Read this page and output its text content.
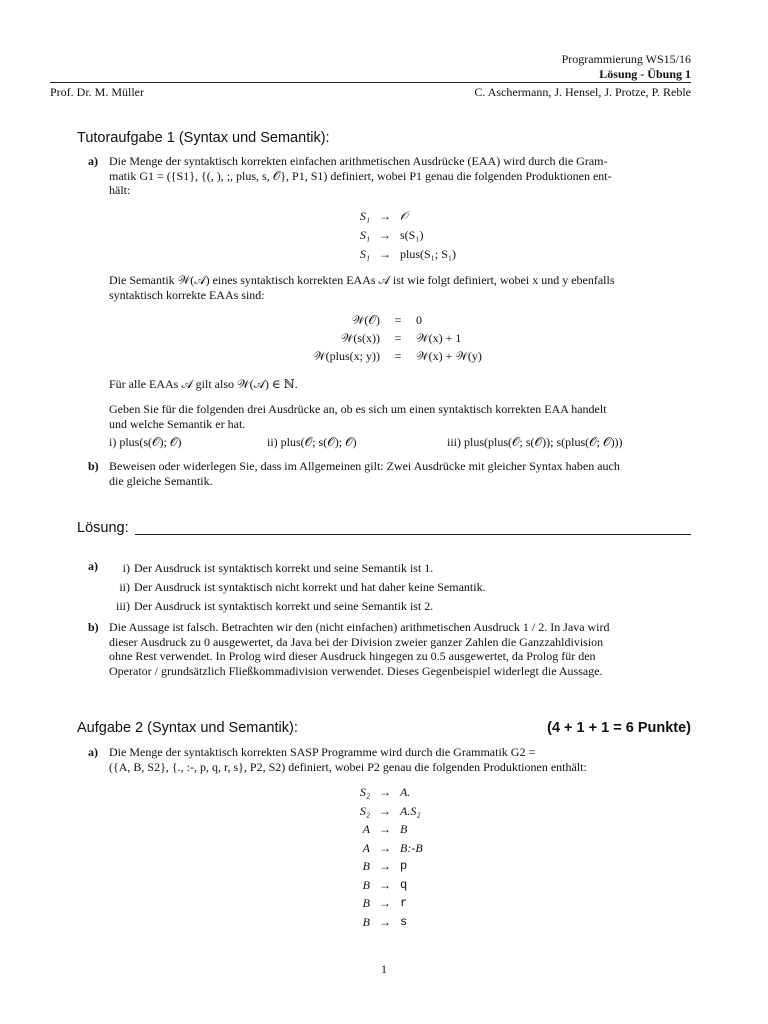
Programmierung WS15/16
Lösung - Übung 1
Prof. Dr. M. Müller	C. Aschermann, J. Hensel, J. Protze, P. Reble
Tutoraufgabe 1 (Syntax und Semantik):
a) Die Menge der syntaktisch korrekten einfachen arithmetischen Ausdrücke (EAA) wird durch die Gram-
matik G1 = ({S1}, {(, ), ;, plus, s, 𝒪}, P1, S1) definiert, wobei P1 genau die folgenden Produktionen ent-
hält:
S₁ → 𝒪
S₁ → s(S₁)
S₁ → plus(S₁; S₁)
Die Semantik 𝒲(𝒜) eines syntaktisch korrekten EAAs 𝒜 ist wie folgt definiert, wobei x und y ebenfalls
syntaktisch korrekte EAAs sind:
𝒲(𝒪)	=	0
𝒲(s(x))	=	𝒲(x) + 1
𝒲(plus(x; y))	=	𝒲(x) + 𝒲(y)
Für alle EAAs 𝒜 gilt also 𝒲(𝒜) ∈ ℕ.
Geben Sie für die folgenden drei Ausdrücke an, ob es sich um einen syntaktisch korrekten EAA handelt
und welche Semantik er hat.
i) plus(s(𝒪); 𝒪)	ii) plus(𝒪; s(𝒪); 𝒪)	iii) plus(plus(𝒪; s(𝒪)); s(plus(𝒪; 𝒪)))
b) Beweisen oder widerlegen Sie, dass im Allgemeinen gilt: Zwei Ausdrücke mit gleicher Syntax haben auch
die gleiche Semantik.
Lösung:
a)	i) Der Ausdruck ist syntaktisch korrekt und seine Semantik ist 1.
ii) Der Ausdruck ist syntaktisch nicht korrekt und hat daher keine Semantik.
iii) Der Ausdruck ist syntaktisch korrekt und seine Semantik ist 2.
b) Die Aussage ist falsch. Betrachten wir den (nicht einfachen) arithmetischen Ausdruck 1 / 2. In Java wird
dieser Ausdruck zu 0 ausgewertet, da Java bei der Division zweier ganzer Zahlen die Ganzzahldivision
ohne Rest verwendet. In Prolog wird dieser Ausdruck hingegen zu 0.5 ausgewertet, da Prolog für den
Operator / grundsätzlich Fließkommadivision verwendet. Dieses Gegenbeispiel widerlegt die Aussage.
Aufgabe 2 (Syntax und Semantik):	(4 + 1 + 1 = 6 Punkte)
a) Die Menge der syntaktisch korrekten SASP Programme wird durch die Grammatik G2 =
({A, B, S2}, {., :-, p, q, r, s}, P2, S2) definiert, wobei P2 genau die folgenden Produktionen enthält:
S₂ → A.
S₂ → A.S₂
A → B
A → B:-B
B → p
B → q
B → r
B → s
1
